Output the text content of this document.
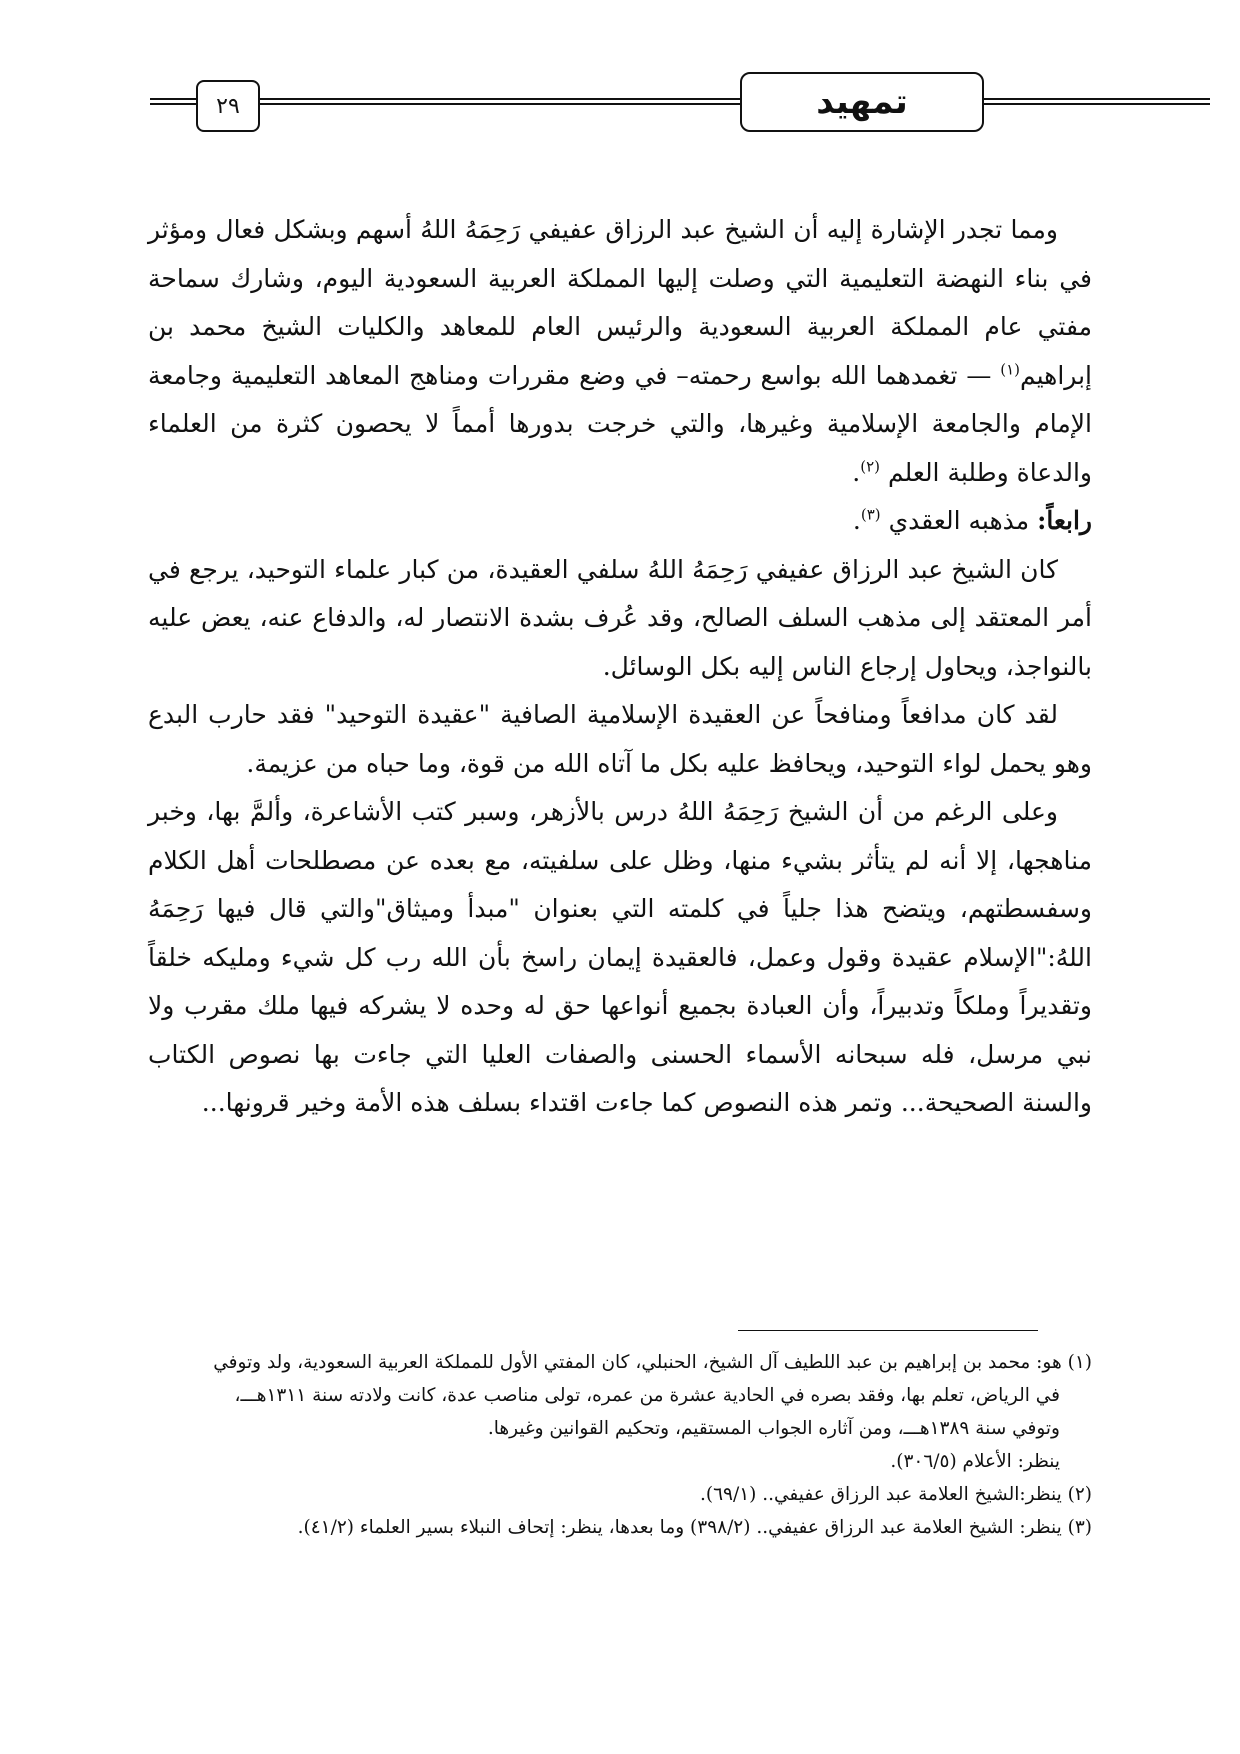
٢٩	تمهيد

ومما تجدر الإشارة إليه أن الشيخ عبد الرزاق عفيفي رَحِمَهُ اللهُ أسهم وبشكل فعال ومؤثر في بناء النهضة التعليمية التي وصلت إليها المملكة العربية السعودية اليوم، وشارك سماحة مفتي عام المملكة العربية السعودية والرئيس العام للمعاهد والكليات الشيخ محمد بن إبراهيم$^{(١)}$ — تغمدهما الله بواسع رحمته– في وضع مقررات ومناهج المعاهد التعليمية وجامعة الإمام والجامعة الإسلامية وغيرها، والتي خرجت بدورها أمماً لا يحصون كثرة من العلماء والدعاة وطلبة العلم $^{(٢)}$.

رابعاً: مذهبه العقدي $^{(٣)}$.

كان الشيخ عبد الرزاق عفيفي رَحِمَهُ اللهُ سلفي العقيدة، من كبار علماء التوحيد، يرجع في أمر المعتقد إلى مذهب السلف الصالح، وقد عُرف بشدة الانتصار له، والدفاع عنه، يعض عليه بالنواجذ، ويحاول إرجاع الناس إليه بكل الوسائل.

لقد كان مدافعاً ومنافحاً عن العقيدة الإسلامية الصافية "عقيدة التوحيد" فقد حارب البدع وهو يحمل لواء التوحيد، ويحافظ عليه بكل ما آتاه الله من قوة، وما حباه من عزيمة.

وعلى الرغم من أن الشيخ رَحِمَهُ اللهُ درس بالأزهر، وسبر كتب الأشاعرة، وألمَّ بها، وخبر مناهجها، إلا أنه لم يتأثر بشيء منها، وظل على سلفيته، مع بعده عن مصطلحات أهل الكلام وسفسطتهم، ويتضح هذا جلياً في كلمته التي بعنوان "مبدأ وميثاق"والتي قال فيها رَحِمَهُ اللهُ:"الإسلام عقيدة وقول وعمل، فالعقيدة إيمان راسخ بأن الله رب كل شيء ومليكه خلقاً وتقديراً وملكاً وتدبيراً، وأن العبادة بجميع أنواعها حق له وحده لا يشركه فيها ملك مقرب ولا نبي مرسل، فله سبحانه الأسماء الحسنى والصفات العليا التي جاءت بها نصوص الكتاب والسنة الصحيحة... وتمر هذه النصوص كما جاءت اقتداء بسلف هذه الأمة وخير قرونها...

(١) هو: محمد بن إبراهيم بن عبد اللطيف آل الشيخ، الحنبلي، كان المفتي الأول للمملكة العربية السعودية، ولد وتوفي

في الرياض، تعلم بها، وفقد بصره في الحادية عشرة من عمره، تولى مناصب عدة، كانت ولادته سنة ١٣١١هـــ،

وتوفي سنة ١٣٨٩هـــ، ومن آثاره الجواب المستقيم، وتحكيم القوانين وغيرها.

ينظر: الأعلام (٣٠٦/٥).

(٢) ينظر:الشيخ العلامة عبد الرزاق عفيفي.. (٦٩/١).

(٣) ينظر: الشيخ العلامة عبد الرزاق عفيفي.. (٣٩٨/٢) وما بعدها، ينظر: إتحاف النبلاء بسير العلماء (٤١/٢).
